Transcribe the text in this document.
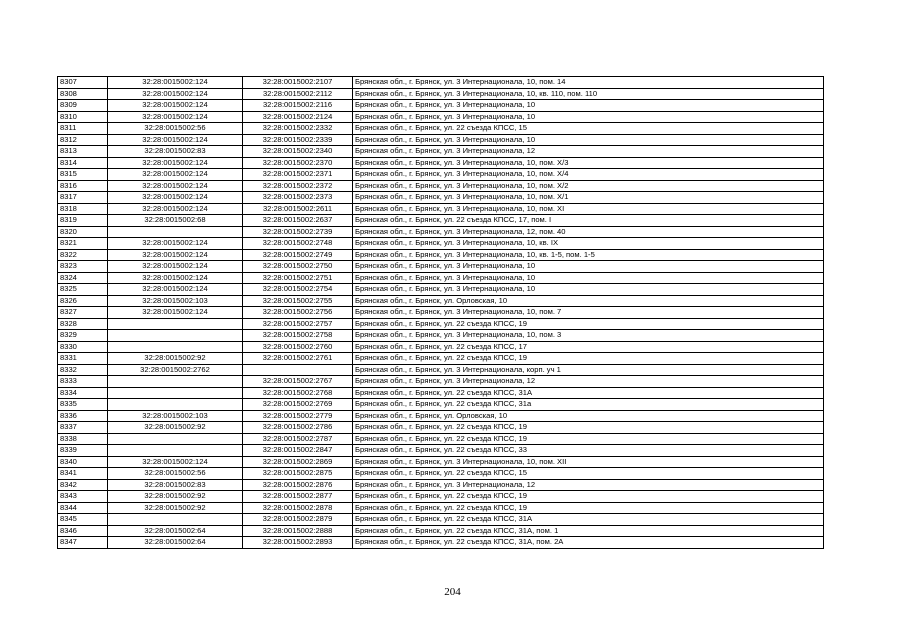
8307	32:28:0015002:124	32:28:0015002:2107	Брянская обл., г. Брянск, ул. 3 Интернационала, 10, пом. 14
8308	32:28:0015002:124	32:28:0015002:2112	Брянская обл., г. Брянск, ул. 3 Интернационала, 10, кв. 110, пом. 110
8309	32:28:0015002:124	32:28:0015002:2116	Брянская обл., г. Брянск, ул. 3 Интернационала, 10
8310	32:28:0015002:124	32:28:0015002:2124	Брянская обл., г. Брянск, ул. 3 Интернационала, 10
8311	32:28:0015002:56	32:28:0015002:2332	Брянская обл., г. Брянск, ул. 22 съезда КПСС, 15
8312	32:28:0015002:124	32:28:0015002:2339	Брянская обл., г. Брянск, ул. 3 Интернационала, 10
8313	32:28:0015002:83	32:28:0015002:2340	Брянская обл., г. Брянск, ул. 3 Интернационала, 12
8314	32:28:0015002:124	32:28:0015002:2370	Брянская обл., г. Брянск, ул. 3 Интернационала, 10, пом. Х/3
8315	32:28:0015002:124	32:28:0015002:2371	Брянская обл., г. Брянск, ул. 3 Интернационала, 10, пом. Х/4
8316	32:28:0015002:124	32:28:0015002:2372	Брянская обл., г. Брянск, ул. 3 Интернационала, 10, пом. Х/2
8317	32:28:0015002:124	32:28:0015002:2373	Брянская обл., г. Брянск, ул. 3 Интернационала, 10, пом. Х/1
8318	32:28:0015002:124	32:28:0015002:2611	Брянская обл., г. Брянск, ул. 3 Интернационала, 10, пом. XI
8319	32:28:0015002:68	32:28:0015002:2637	Брянская обл., г. Брянск, ул. 22 съезда КПСС, 17, пом. I
8320		32:28:0015002:2739	Брянская обл., г. Брянск, ул. 3 Интернационала, 12, пом. 40
8321	32:28:0015002:124	32:28:0015002:2748	Брянская обл., г. Брянск, ул. 3 Интернационала, 10, кв. IX
8322	32:28:0015002:124	32:28:0015002:2749	Брянская обл., г. Брянск, ул. 3 Интернационала, 10, кв. 1-5, пом. 1-5
8323	32:28:0015002:124	32:28:0015002:2750	Брянская обл., г. Брянск, ул. 3 Интернационала, 10
8324	32:28:0015002:124	32:28:0015002:2751	Брянская обл., г. Брянск, ул. 3 Интернационала, 10
8325	32:28:0015002:124	32:28:0015002:2754	Брянская обл., г. Брянск, ул. 3 Интернационала, 10
8326	32:28:0015002:103	32:28:0015002:2755	Брянская обл., г. Брянск, ул. Орловская, 10
8327	32:28:0015002:124	32:28:0015002:2756	Брянская обл., г. Брянск, ул. 3 Интернационала, 10, пом. 7
8328		32:28:0015002:2757	Брянская обл., г. Брянск, ул. 22 съезда КПСС, 19
8329		32:28:0015002:2758	Брянская обл., г. Брянск, ул. 3 Интернационала, 10, пом. 3
8330		32:28:0015002:2760	Брянская обл., г. Брянск, ул. 22 съезда КПСС, 17
8331	32:28:0015002:92	32:28:0015002:2761	Брянская обл., г. Брянск, ул. 22 съезда КПСС, 19
8332	32:28:0015002:2762		Брянская обл., г. Брянск, ул. 3 Интернационала, корп. уч 1
8333		32:28:0015002:2767	Брянская обл., г. Брянск, ул. 3 Интернационала, 12
8334		32:28:0015002:2768	Брянская обл., г. Брянск, ул. 22 съезда КПСС, 31А
8335		32:28:0015002:2769	Брянская обл., г. Брянск, ул. 22 съезда КПСС, 31а
8336	32:28:0015002:103	32:28:0015002:2779	Брянская обл., г. Брянск, ул. Орловская, 10
8337	32:28:0015002:92	32:28:0015002:2786	Брянская обл., г. Брянск, ул. 22 съезда КПСС, 19
8338		32:28:0015002:2787	Брянская обл., г. Брянск, ул. 22 съезда КПСС, 19
8339		32:28:0015002:2847	Брянская обл., г. Брянск, ул. 22 съезда КПСС, 33
8340	32:28:0015002:124	32:28:0015002:2869	Брянская обл., г. Брянск, ул. 3 Интернационала, 10, пом. XII
8341	32:28:0015002:56	32:28:0015002:2875	Брянская обл., г. Брянск, ул. 22 съезда КПСС, 15
8342	32:28:0015002:83	32:28:0015002:2876	Брянская обл., г. Брянск, ул. 3 Интернационала, 12
8343	32:28:0015002:92	32:28:0015002:2877	Брянская обл., г. Брянск, ул. 22 съезда КПСС, 19
8344	32:28:0015002:92	32:28:0015002:2878	Брянская обл., г. Брянск, ул. 22 съезда КПСС, 19
8345		32:28:0015002:2879	Брянская обл., г. Брянск, ул. 22 съезда КПСС, 31А
8346	32:28:0015002:64	32:28:0015002:2888	Брянская обл., г. Брянск, ул. 22 съезда КПСС, 31А, пом. 1
8347	32:28:0015002:64	32:28:0015002:2893	Брянская обл., г. Брянск, ул. 22 съезда КПСС, 31А, пом. 2А
204
